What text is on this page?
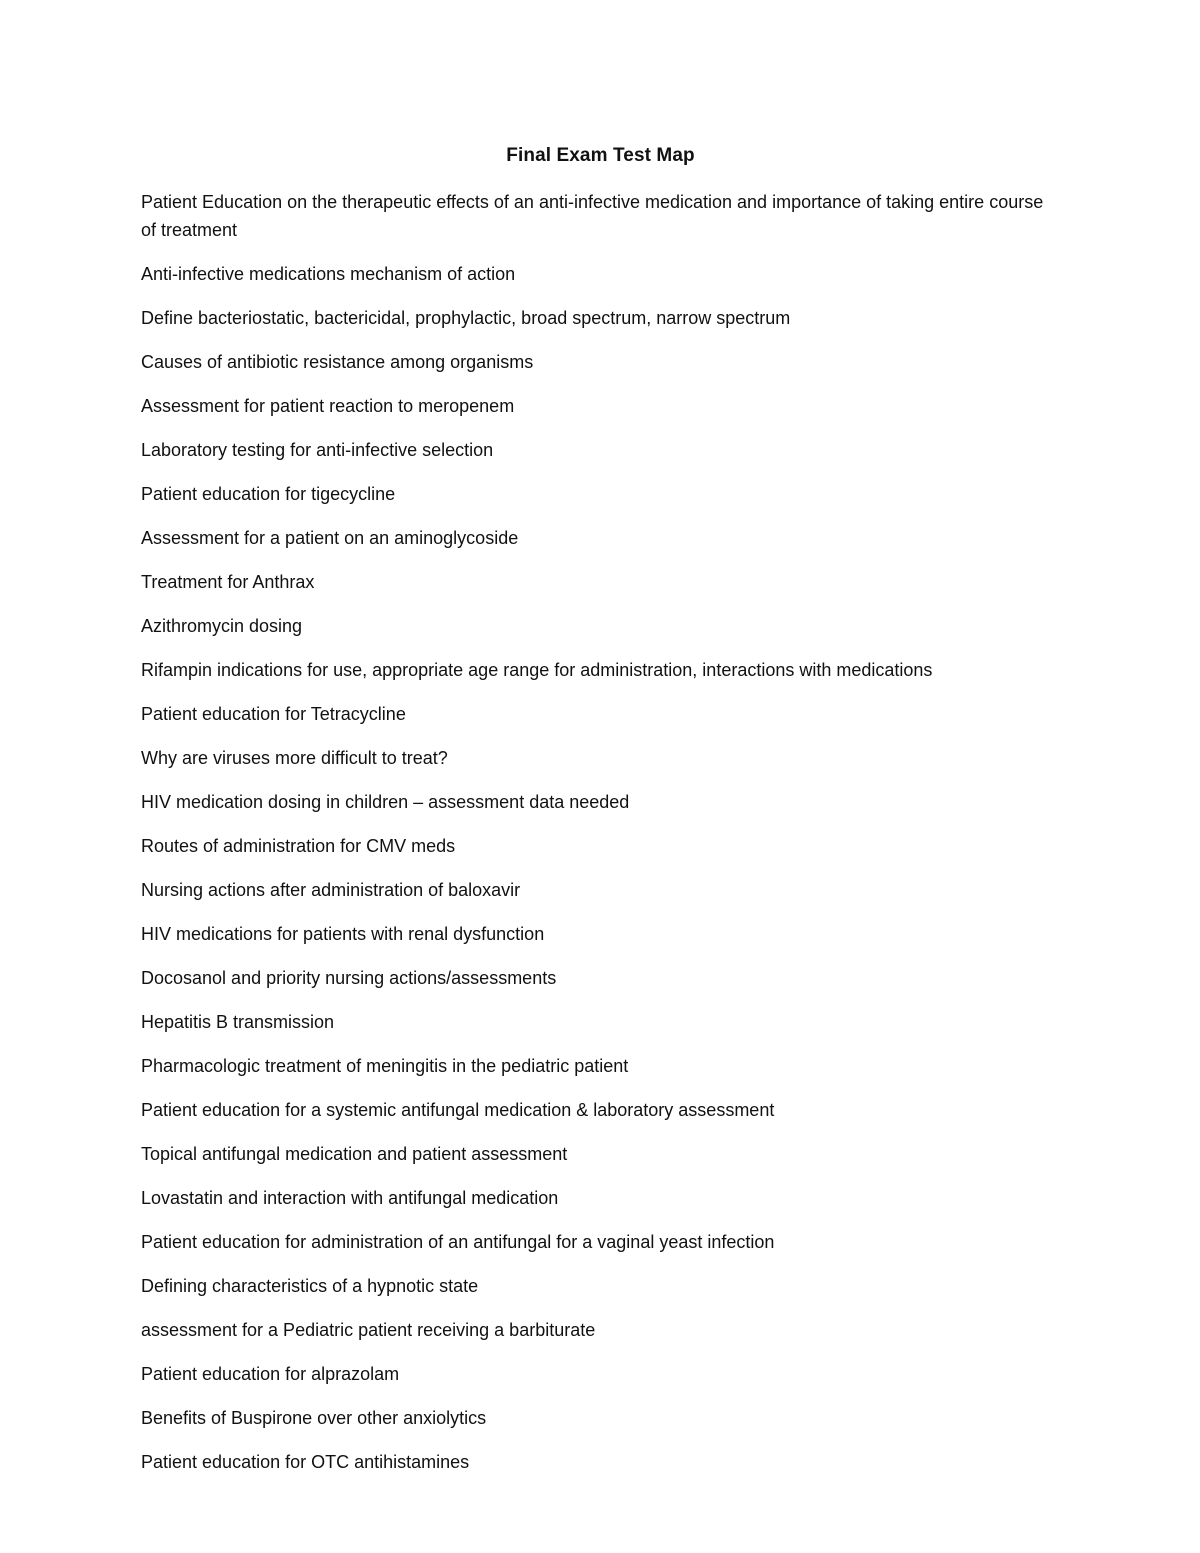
Final Exam Test Map
Patient Education on the therapeutic effects of an anti-infective medication and importance of taking entire course of treatment
Anti-infective medications mechanism of action
Define bacteriostatic, bactericidal, prophylactic, broad spectrum, narrow spectrum
Causes of antibiotic resistance among organisms
Assessment for patient reaction to meropenem
Laboratory testing for anti-infective selection
Patient education for tigecycline
Assessment for a patient on an aminoglycoside
Treatment for Anthrax
Azithromycin dosing
Rifampin indications for use, appropriate age range for administration, interactions with medications
Patient education for Tetracycline
Why are viruses more difficult to treat?
HIV medication dosing in children – assessment data needed
Routes of administration for CMV meds
Nursing actions after administration of baloxavir
HIV medications for patients with renal dysfunction
Docosanol and priority nursing actions/assessments
Hepatitis B transmission
Pharmacologic treatment of meningitis in the pediatric patient
Patient education for a systemic antifungal medication & laboratory assessment
Topical antifungal medication and patient assessment
Lovastatin and interaction with antifungal medication
Patient education for administration of an antifungal for a vaginal yeast infection
Defining characteristics of a hypnotic state
assessment for a Pediatric patient receiving a barbiturate
Patient education for alprazolam
Benefits of Buspirone over other anxiolytics
Patient education for OTC antihistamines
